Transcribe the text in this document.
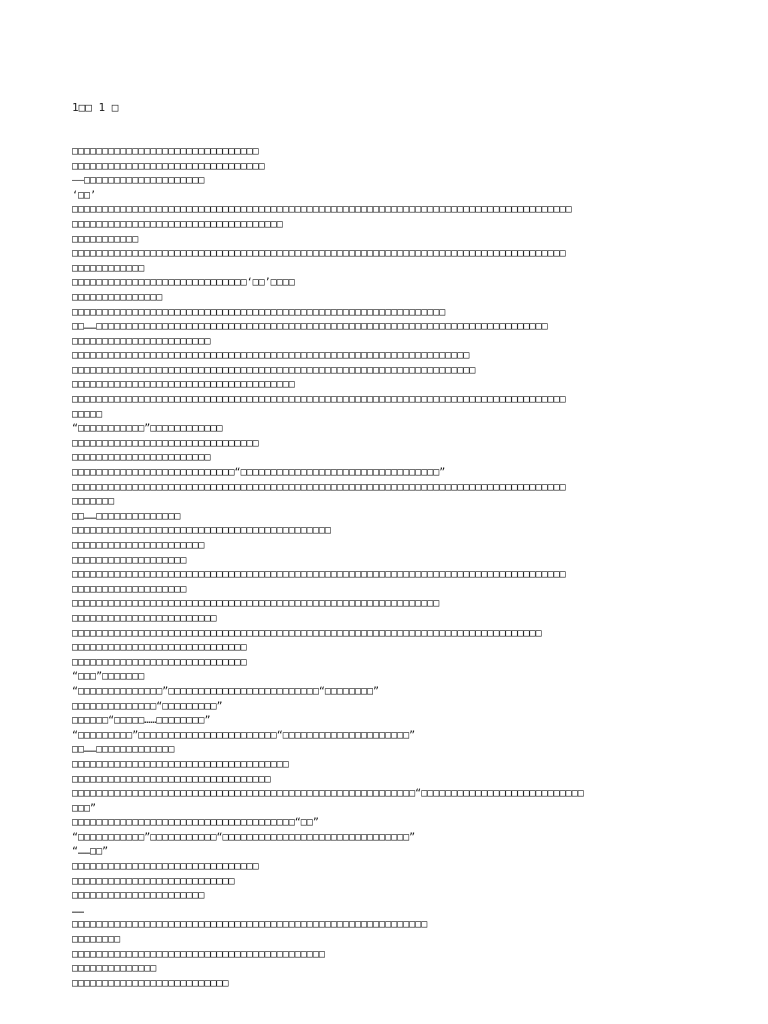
1□□ 1 □

□□□□□□□□□□□□□□□□□□□□□□□□□□□□□□□
□□□□□□□□□□□□□□□□□□□□□□□□□□□□□□□□
——□□□□□□□□□□□□□□□□□□□□
‘□□’
□□□□□□□□□□□□□□□□□□□□□□□□□□□□□□□□□□□□□□□□□□□□□□□□□□□□□□□□□□□□□□□□□□□□□□□□□□□□□□□□□□□
□□□□□□□□□□□□□□□□□□□□□□□□□□□□□□□□□□□
□□□□□□□□□□□
□□□□□□□□□□□□□□□□□□□□□□□□□□□□□□□□□□□□□□□□□□□□□□□□□□□□□□□□□□□□□□□□□□□□□□□□□□□□□□□□□□
□□□□□□□□□□□□
□□□□□□□□□□□□□□□□□□□□□□□□□□□□□‘□□’□□□□
□□□□□□□□□□□□□□□
□□□□□□□□□□□□□□□□□□□□□□□□□□□□□□□□□□□□□□□□□□□□□□□□□□□□□□□□□□□□□□
□□……□□□□□□□□□□□□□□□□□□□□□□□□□□□□□□□□□□□□□□□□□□□□□□□□□□□□□□□□□□□□□□□□□□□□□□□□□□□
□□□□□□□□□□□□□□□□□□□□□□□
□□□□□□□□□□□□□□□□□□□□□□□□□□□□□□□□□□□□□□□□□□□□□□□□□□□□□□□□□□□□□□□□□□
□□□□□□□□□□□□□□□□□□□□□□□□□□□□□□□□□□□□□□□□□□□□□□□□□□□□□□□□□□□□□□□□□□□
□□□□□□□□□□□□□□□□□□□□□□□□□□□□□□□□□□□□□
□□□□□□□□□□□□□□□□□□□□□□□□□□□□□□□□□□□□□□□□□□□□□□□□□□□□□□□□□□□□□□□□□□□□□□□□□□□□□□□□□□
□□□□□
“□□□□□□□□□□□”□□□□□□□□□□□□
□□□□□□□□□□□□□□□□□□□□□□□□□□□□□□□
□□□□□□□□□□□□□□□□□□□□□□□
□□□□□□□□□□□□□□□□□□□□□□□□□□□“□□□□□□□□□□□□□□□□□□□□□□□□□□□□□□□□□”
□□□□□□□□□□□□□□□□□□□□□□□□□□□□□□□□□□□□□□□□□□□□□□□□□□□□□□□□□□□□□□□□□□□□□□□□□□□□□□□□□□
□□□□□□□
□□……□□□□□□□□□□□□□□
□□□□□□□□□□□□□□□□□□□□□□□□□□□□□□□□□□□□□□□□□□□
□□□□□□□□□□□□□□□□□□□□□□
□□□□□□□□□□□□□□□□□□□
□□□□□□□□□□□□□□□□□□□□□□□□□□□□□□□□□□□□□□□□□□□□□□□□□□□□□□□□□□□□□□□□□□□□□□□□□□□□□□□□□□
□□□□□□□□□□□□□□□□□□□
□□□□□□□□□□□□□□□□□□□□□□□□□□□□□□□□□□□□□□□□□□□□□□□□□□□□□□□□□□□□□
□□□□□□□□□□□□□□□□□□□□□□□□
□□□□□□□□□□□□□□□□□□□□□□□□□□□□□□□□□□□□□□□□□□□□□□□□□□□□□□□□□□□□□□□□□□□□□□□□□□□□□□
□□□□□□□□□□□□□□□□□□□□□□□□□□□□□
□□□□□□□□□□□□□□□□□□□□□□□□□□□□□
“□□□”□□□□□□□
“□□□□□□□□□□□□□□”□□□□□□□□□□□□□□□□□□□□□□□□□“□□□□□□□□”
□□□□□□□□□□□□□□“□□□□□□□□□”
□□□□□□“□□□□□……□□□□□□□□”
“□□□□□□□□□”□□□□□□□□□□□□□□□□□□□□□□□“□□□□□□□□□□□□□□□□□□□□□”
□□……□□□□□□□□□□□□□
□□□□□□□□□□□□□□□□□□□□□□□□□□□□□□□□□□□□
□□□□□□□□□□□□□□□□□□□□□□□□□□□□□□□□□
□□□□□□□□□□□□□□□□□□□□□□□□□□□□□□□□□□□□□□□□□□□□□□□□□□□□□□□□□“□□□□□□□□□□□□□□□□□□□□□□□□□□□
□□□”
□□□□□□□□□□□□□□□□□□□□□□□□□□□□□□□□□□□□□“□□”
“□□□□□□□□□□□”□□□□□□□□□□□“□□□□□□□□□□□□□□□□□□□□□□□□□□□□□□□”
“……□□”
□□□□□□□□□□□□□□□□□□□□□□□□□□□□□□□
□□□□□□□□□□□□□□□□□□□□□□□□□□□
□□□□□□□□□□□□□□□□□□□□□□
……
□□□□□□□□□□□□□□□□□□□□□□□□□□□□□□□□□□□□□□□□□□□□□□□□□□□□□□□□□□□
□□□□□□□□
□□□□□□□□□□□□□□□□□□□□□□□□□□□□□□□□□□□□□□□□□□
□□□□□□□□□□□□□□
□□□□□□□□□□□□□□□□□□□□□□□□□□
